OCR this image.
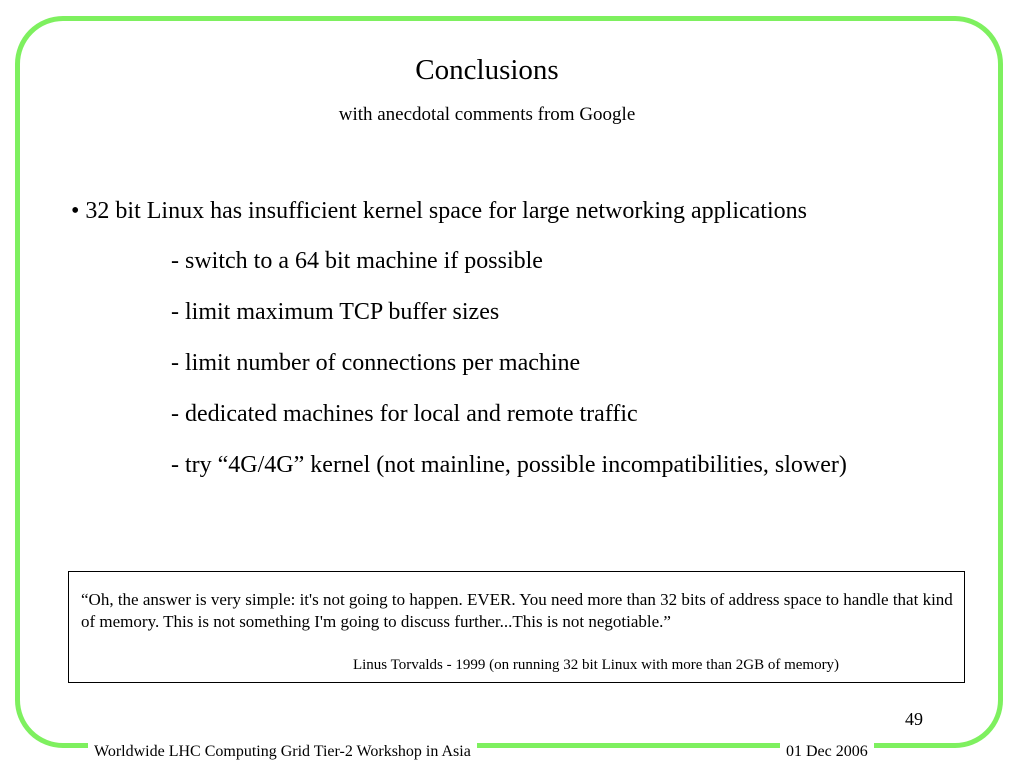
Conclusions
with anecdotal comments from Google
• 32 bit Linux has insufficient kernel space for large networking applications
- switch to a 64 bit machine if possible
- limit maximum TCP buffer sizes
- limit number of connections per machine
- dedicated machines for local and remote traffic
- try “4G/4G” kernel (not mainline, possible incompatibilities, slower)
“Oh, the answer is very simple: it's not going to happen. EVER. You need more than 32 bits of address space to handle that kind of memory. This is not something I'm going to discuss further...This is not negotiable.”
Linus Torvalds - 1999 (on running 32 bit Linux with more than 2GB of memory)
49
Worldwide LHC Computing Grid Tier-2 Workshop in Asia	01 Dec 2006
